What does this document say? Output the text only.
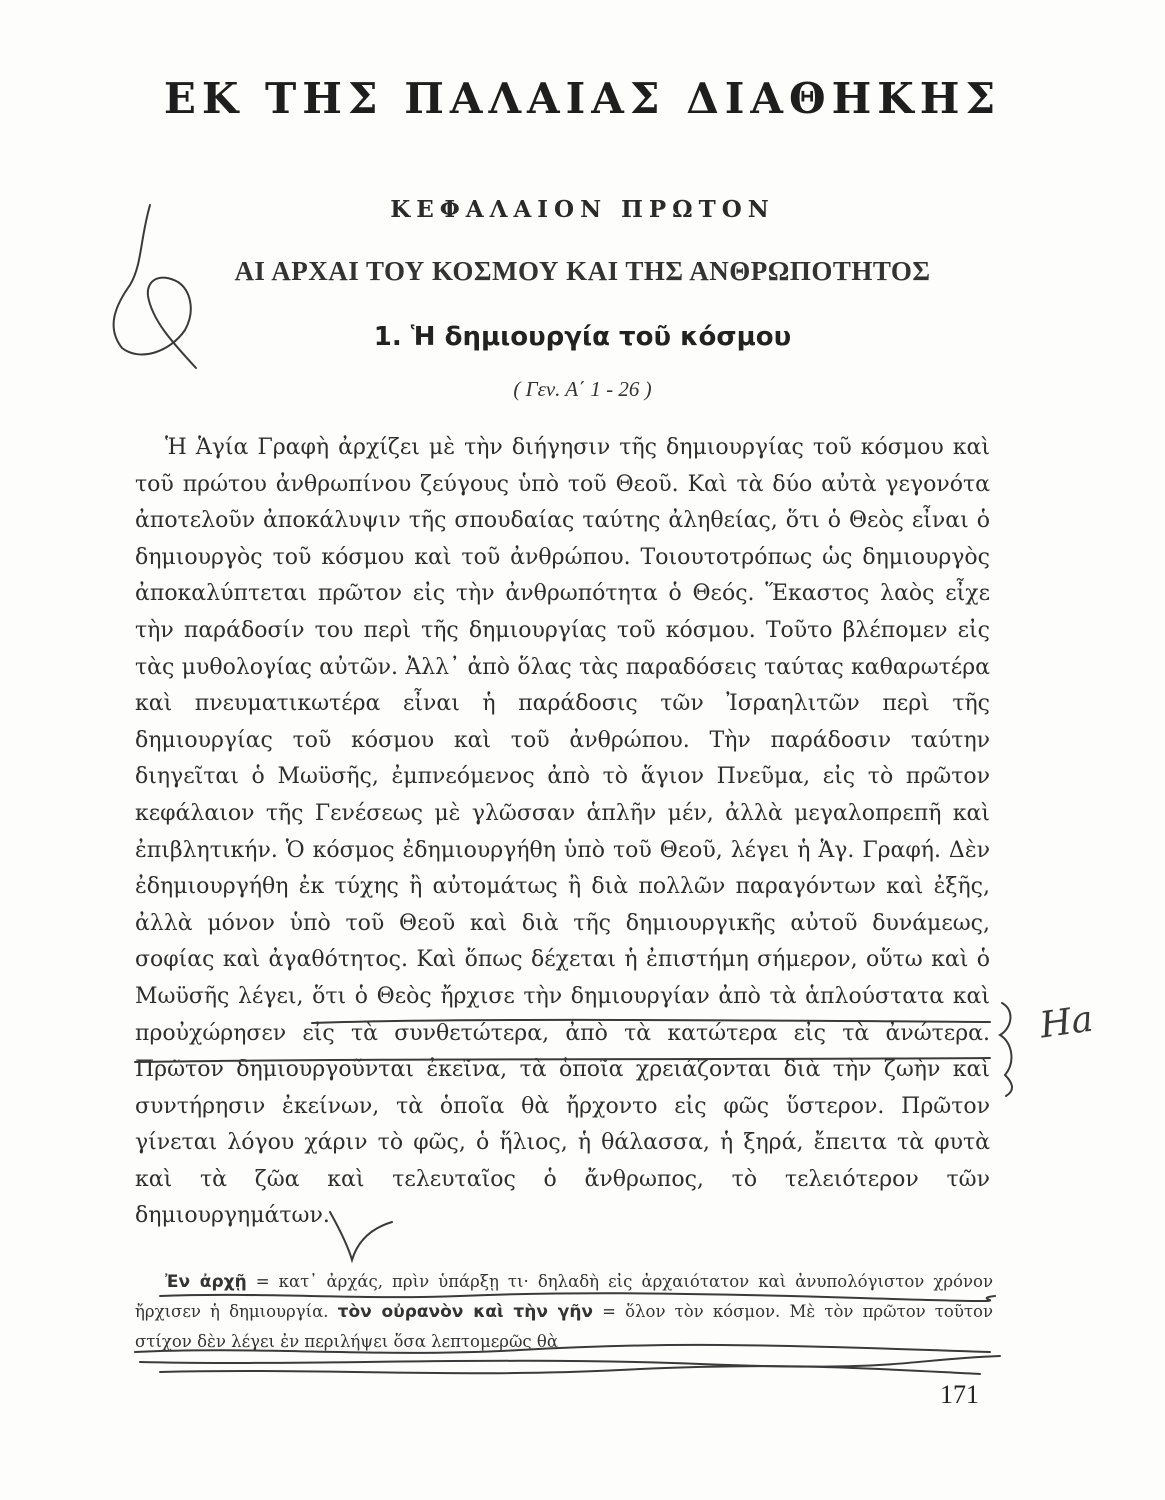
ΕΚ ΤΗΣ ΠΑΛΑΙΑΣ ΔΙΑΘΗΚΗΣ
ΚΕΦΑΛΑΙΟΝ ΠΡΩΤΟΝ
ΑΙ ΑΡΧΑΙ ΤΟΥ ΚΟΣΜΟΥ ΚΑΙ ΤΗΣ ΑΝΘΡΩΠΟΤΗΤΟΣ
1. Ἡ δημιουργία τοῦ κόσμου
( Γεν. Α΄ 1 - 26 )

Ἡ Ἁγία Γραφὴ ἀρχίζει μὲ τὴν διήγησιν τῆς δημιουργίας τοῦ κόσμου καὶ τοῦ πρώτου ἀνθρωπίνου ζεύγους ὑπὸ τοῦ Θεοῦ. Καὶ τὰ δύο αὐτὰ γεγονότα ἀποτελοῦν ἀποκάλυψιν τῆς σπουδαίας ταύτης ἀληθείας, ὅτι ὁ Θεὸς εἶναι ὁ δημιουργὸς τοῦ κόσμου καὶ τοῦ ἀνθρώπου. Τοιουτοτρόπως ὡς δημιουργὸς ἀποκαλύπτεται πρῶτον εἰς τὴν ἀνθρωπότητα ὁ Θεός. Ἕκαστος λαὸς εἶχε τὴν παράδοσίν του περὶ τῆς δημιουργίας τοῦ κόσμου. Τοῦτο βλέπομεν εἰς τὰς μυθολογίας αὐτῶν. Ἀλλ᾽ ἀπὸ ὅλας τὰς παραδόσεις ταύτας καθαρωτέρα καὶ πνευματικωτέρα εἶναι ἡ παράδοσις τῶν Ἰσραηλιτῶν περὶ τῆς δημιουργίας τοῦ κόσμου καὶ τοῦ ἀνθρώπου. Τὴν παράδοσιν ταύτην διηγεῖται ὁ Μωϋσῆς, ἐμπνεόμενος ἀπὸ τὸ ἅγιον Πνεῦμα, εἰς τὸ πρῶτον κεφάλαιον τῆς Γενέσεως μὲ γλῶσσαν ἁπλῆν μέν, ἀλλὰ μεγαλοπρεπῆ καὶ ἐπιβλητικήν. Ὁ κόσμος ἐδημιουργήθη ὑπὸ τοῦ Θεοῦ, λέγει ἡ Ἁγ. Γραφή. Δὲν ἐδημιουργήθη ἐκ τύχης ἢ αὐτομάτως ἢ διὰ πολλῶν παραγόντων καὶ ἐξῆς, ἀλλὰ μόνον ὑπὸ τοῦ Θεοῦ καὶ διὰ τῆς δημιουργικῆς αὐτοῦ δυνάμεως, σοφίας καὶ ἀγαθότητος. Καὶ ὅπως δέχεται ἡ ἐπιστήμη σήμερον, οὕτω καὶ ὁ Μωϋσῆς λέγει, ὅτι ὁ Θεὸς ἤρχισε τὴν δημιουργίαν ἀπὸ τὰ ἁπλούστατα καὶ προὐχώρησεν εἰς τὰ συνθετώτερα, ἀπὸ τὰ κατώτερα εἰς τὰ ἀνώτερα. Πρῶτον δημιουργοῦνται ἐκεῖνα, τὰ ὁποῖα χρειάζονται διὰ τὴν ζωὴν καὶ συντήρησιν ἐκείνων, τὰ ὁποῖα θὰ ἤρχοντο εἰς φῶς ὕστερον. Πρῶτον γίνεται λόγου χάριν τὸ φῶς, ὁ ἥλιος, ἡ θάλασσα, ἡ ξηρά, ἔπειτα τὰ φυτὰ καὶ τὰ ζῶα καὶ τελευταῖος ὁ ἄνθρωπος, τὸ τελειότερον τῶν δημιουργημάτων.

Ἐν ἀρχῇ = κατ᾽ ἀρχάς, πρὶν ὑπάρξῃ τι· δηλαδὴ εἰς ἀρχαιότατον καὶ ἀνυπολόγιστον χρόνον ἤρχισεν ἡ δημιουργία. τὸν οὐρανὸν καὶ τὴν γῆν = ὅλον τὸν κόσμον. Μὲ τὸν πρῶτον τοῦτον στίχον δὲν λέγει ἐν περιλήψει ὅσα λεπτομερῶς θὰ

171
Ha
